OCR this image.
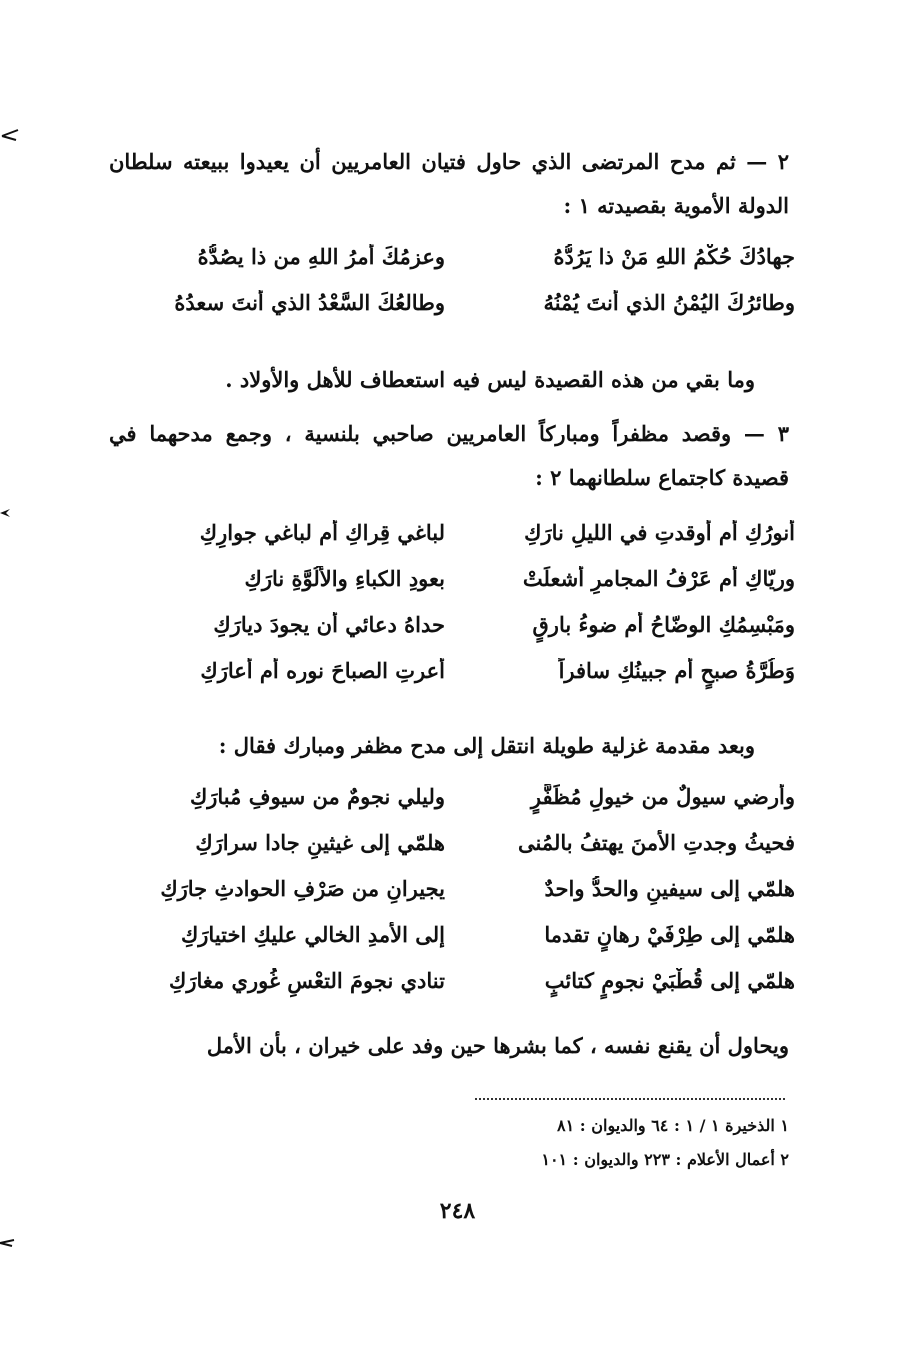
٢ — ثم مدح المرتضى الذي حاول فتيان العامريين أن يعيدوا ببيعته سلطان الدولة الأموية بقصيدته ١ :
جهادُكَ حُكْمُ اللهِ مَنْ ذا يَرُدُّهُ
وعزمُكَ أمرُ اللهِ من ذا يصُدُّهُ
وطائرُكَ اليُمْنُ الذي أنتَ يُمْنُهُ
وطالعُكَ السَّعْدُ الذي أنتَ سعدُهُ
وما بقي من هذه القصيدة ليس فيه استعطاف للأهل والأولاد .
٣ — وقصد مظفراً ومباركاً العامريين صاحبي بلنسية ، وجمع مدحهما في قصيدة كاجتماع سلطانهما ٢ :
أنورُكِ أم أوقدتِ في الليلِ نارَكِ
لباغي قِراكِ أم لباغي جوارِكِ
وريّاكِ أم عَرْفُ المجامرِ أشعلَتْ
بعودِ الكباءِ والأَلُوَّةِ نارَكِ
ومَبْسِمُكِ الوضّاحُ أم ضوءُ بارقٍ
حداهُ دعائي أن يجودَ ديارَكِ
وَطُرَّةُ صبحٍ أم جبينُكِ سافراً
أعرتِ الصباحَ نوره أم أعارَكِ
وبعد مقدمة غزلية طويلة انتقل إلى مدح مظفر ومبارك فقال :
وأرضي سيولٌ من خيولِ مُظَفَّرٍ
وليلي نجومٌ من سيوفِ مُبارَكِ
فحيثُ وجدتِ الأمنَ يهتفُ بالمُنى
هلمّي إلى غيثينِ جادا سرارَكِ
هلمّي إلى سيفينِ والحدُّ واحدٌ
يجيرانِ من صَرْفِ الحوادثِ جارَكِ
هلمّي إلى طِرْفَيْ رهانٍ تقدما
إلى الأمدِ الخالي عليكِ اختيارَكِ
هلمّي إلى قُطْبَيْ نجومٍ كتائبٍ
تنادي نجومَ التعْسِ غُوري مغارَكِ
ويحاول أن يقنع نفسه ، كما بشرها حين وفد على خيران ، بأن الأمل
١ الذخيرة ١ / ١ : ٦٤ والديوان : ٨١
٢ أعمال الأعلام : ٢٢٣ والديوان : ١٠١
٢٤٨
